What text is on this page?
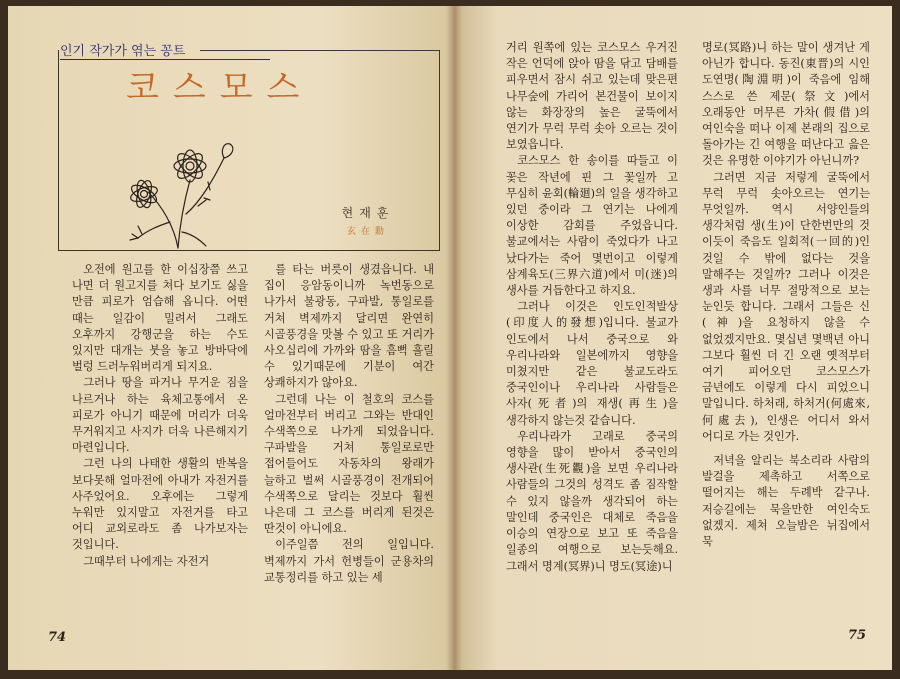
인기 작가가 엮는 꽁트
코스모스
현재훈
玄在勳

오전에 원고를 한 이십장쯤 쓰고 나면 더 원고지를 쳐다 보기도 싫을 만큼 피로가 엄습해 옵니다. 어떤 때는 일감이 밀려서 그래도 오후까지 강행군을 하는 수도 있지만 대개는 붓을 놓고 방바닥에 벌렁 드러누워버리게 되지요.

그러나 땅을 파거나 무거운 짐을 나르거나 하는 육체고통에서 온 피로가 아니기 때문에 머리가 더욱 무거워지고 사지가 더욱 나른해지기 마련입니다.

그런 나의 나태한 생활의 반복을 보다못해 얼마전에 아내가 자전거를 사주었어요. 오후에는 그렇게 누워만 있지말고 자전거를 타고 어디 교외로라도 좀 나가보자는 것입니다.

그때부터 나에게는 자전거

를 타는 버릇이 생겼읍니다. 내 집이 응암동이니까 녹번동으로 나가서 불광동, 구파발, 통일로를 거쳐 벽제까지 달리면 완연히 시골풍경을 맛볼 수 있고 또 거리가 사오십리에 가까와 땀을 흠뻑 흘릴 수 있기때문에 기분이 여간 상쾌하지가 않아요.

그런데 나는 이 철호의 코스를 얼마전부터 버리고 그와는 반대인 수색쪽으로 나가게 되었읍니다. 구파발을 거쳐 통일로로만 접어들어도 자동차의 왕래가 늘하고 벌써 시골풍경이 전개되어 수색쪽으로 달리는 것보다 훨씬 나은데 그 코스를 버리게 된것은 딴것이 아니에요.

이주일쯤 전의 일입니다. 벽제까지 가서 헌병들이 군용차의 교통정리를 하고 있는 세

거리 원쪽에 있는 코스모스 우거진 작은 언덕에 앉아 땀을 닦고 담배를 피우면서 잠시 쉬고 있는데 맞은편 나무숲에 가리어 본건물이 보이지 않는 화장장의 높은 굴뚝에서 연기가 무럭 무럭 솟아 오르는 것이 보였읍니다.

코스모스 한 송이를 따들고 이 꽃은 작년에 핀 그 꽃일까 고 무심히 윤회(輪廻)의 일을 생각하고 있던 중이라 그 연기는 나에게 이상한 감회를 주었읍니다. 불교에서는 사람이 죽었다가 나고 났다가는 죽어 몇번이고 이렇게 삼계육도(三界六道)에서 미(迷)의 생사를 거듭한다고 하지요.

그러나 이것은 인도인적발상(印度人的發想)입니다. 불교가 인도에서 나서 중국으로 와 우리나라와 일본에까지 영향을 미쳤지만 같은 불교도라도 중국인이나 우리나라 사람들은 사자(死者)의 재생(再生)을 생각하지 않는것 같습니다.

우리나라가 고래로 중국의 영향을 많이 받아서 중국인의 생사관(生死觀)을 보면 우리나라 사람들의 그것의 성격도 좀 짐작할 수 있지 않을까 생각되어 하는 말인데 중국인은 대체로 죽음을 이승의 연장으로 보고 또 죽음을 일종의 여행으로 보는듯해요. 그래서 명계(冥界)니 명도(冥途)니

명로(冥路)니 하는 말이 생겨난 게 아닌가 합니다. 동진(東晋)의 시인 도연명(陶淵明)이 죽음에 임해 스스로 쓴 제문(祭文)에서 오래동안 머무른 가차(假借)의 여인숙을 떠나 이제 본래의 집으로 돌아가는 긴 여행을 떠난다고 읊은 것은 유명한 이야기가 아닌니까?

그러면 지금 저렇게 굴뚝에서 무럭 무럭 솟아오르는 연기는 무엇일까. 역시 서양인들의 생각처럼 생(生)이 단한번만의 것 이듯이 죽음도 일회적(一回的)인 것일 수 밖에 없다는 것을 말해주는 것일까? 그러나 이것은 생과 사를 너무 절망적으로 보는 눈인듯 합니다. 그래서 그들은 신(神)을 요청하지 않을 수 없었겠지만요. 몇십년 몇백년 아니 그보다 훨씬 더 긴 오랜 옛적부터 여기 피어오던 코스모스가 금년에도 이렇게 다시 피었으니 말입니다. 하처래, 하처거(何處來, 何處去), 인생은 어디서 와서 어디로 가는 것인가.

저녁을 알리는 북소리라 사람의 발걸을 제촉하고 서쪽으로 떨어지는 해는 두례박 같구나. 저승길에는 묵을만한 여인숙도 없겠지. 제쳐 오늘밤은 뉘집에서 묵

74	75
